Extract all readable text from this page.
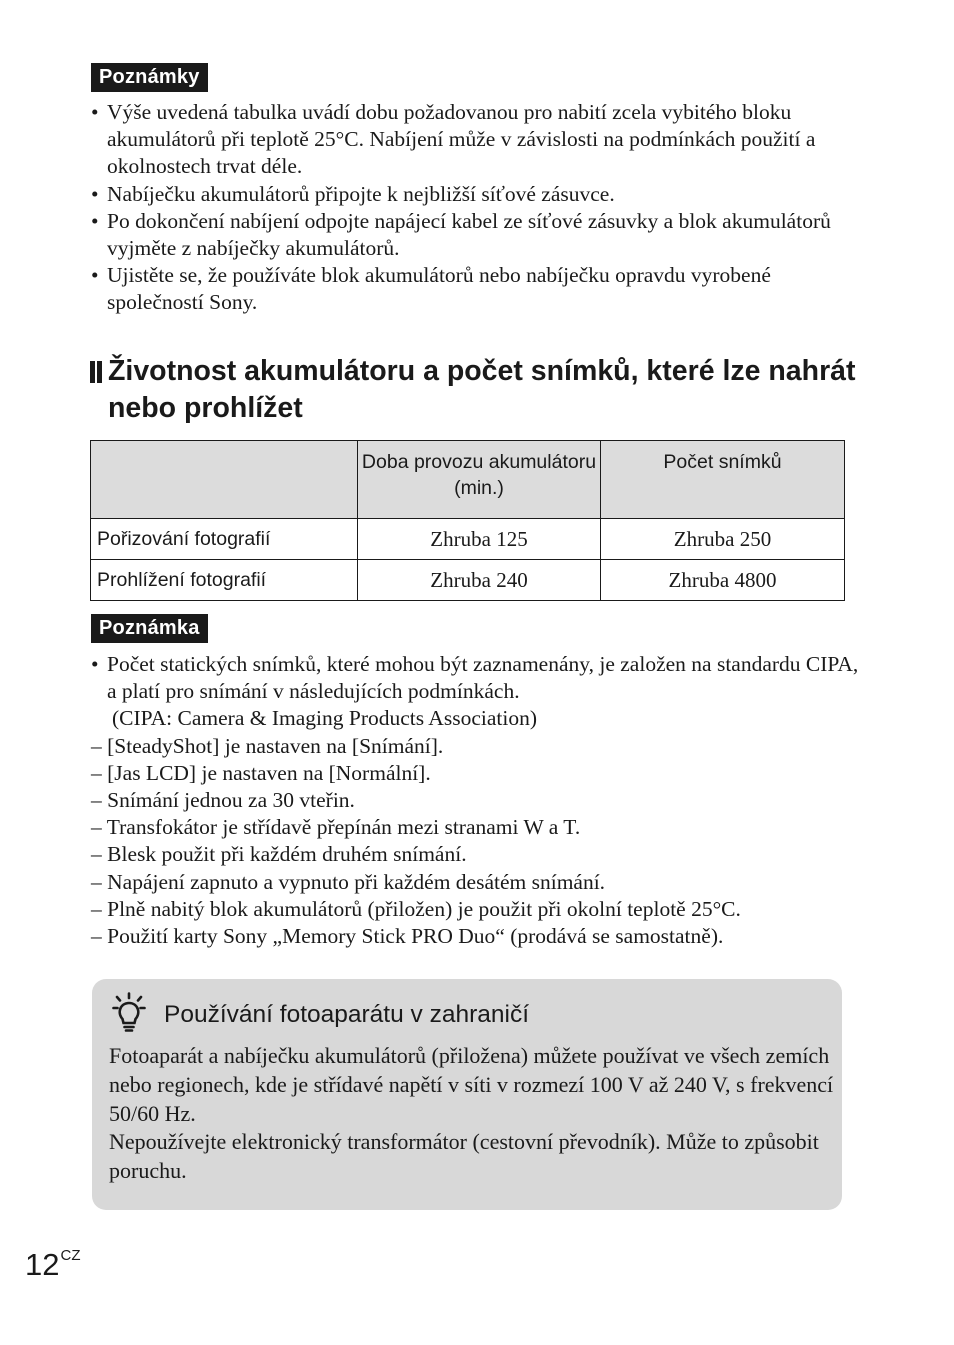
Poznámky
• Výše uvedená tabulka uvádí dobu požadovanou pro nabití zcela vybitého bloku akumulátorů při teplotě 25°C. Nabíjení může v závislosti na podmínkách použití a okolnostech trvat déle.
• Nabíječku akumulátorů připojte k nejbližší síťové zásuvce.
• Po dokončení nabíjení odpojte napájecí kabel ze síťové zásuvky a blok akumulátorů vyjměte z nabíječky akumulátorů.
• Ujistěte se, že používáte blok akumulátorů nebo nabíječku opravdu vyrobené společností Sony.
Životnost akumulátoru a počet snímků, které lze nahrát nebo prohlížet
	Doba provozu akumulátoru (min.)	Počet snímků
Pořizování fotografií	Zhruba 125	Zhruba 250
Prohlížení fotografií	Zhruba 240	Zhruba 4800
Poznámka
• Počet statických snímků, které mohou být zaznamenány, je založen na standardu CIPA, a platí pro snímání v následujících podmínkách.
(CIPA: Camera & Imaging Products Association)
– [SteadyShot] je nastaven na [Snímání].
– [Jas LCD] je nastaven na [Normální].
– Snímání jednou za 30 vteřin.
– Transfokátor je střídavě přepínán mezi stranami W a T.
– Blesk použit při každém druhém snímání.
– Napájení zapnuto a vypnuto při každém desátém snímání.
– Plně nabitý blok akumulátorů (přiložen) je použit při okolní teplotě 25°C.
– Použití karty Sony „Memory Stick PRO Duo“ (prodává se samostatně).
Používání fotoaparátu v zahraničí
Fotoaparát a nabíječku akumulátorů (přiložena) můžete používat ve všech zemích nebo regionech, kde je střídavé napětí v síti v rozmezí 100 V až 240 V, s frekvencí 50/60 Hz.
Nepoužívejte elektronický transformátor (cestovní převodník). Může to způsobit poruchu.
$12^{CZ}$
